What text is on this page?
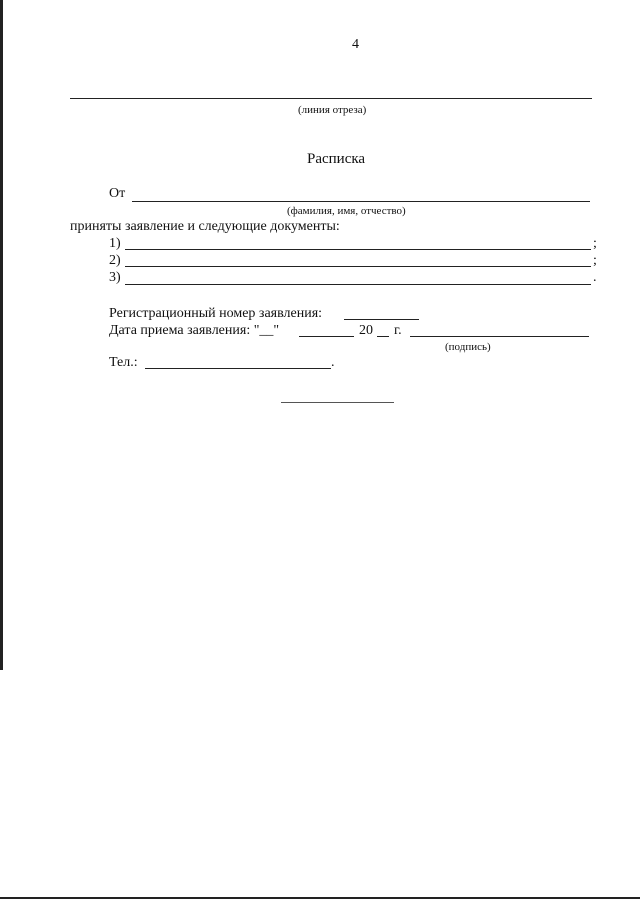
4
(линия отреза)
Расписка
От
(фамилия, имя, отчество)
приняты заявление и следующие документы:
1)	;
2)	;
3)	.
Регистрационный номер заявления:
Дата приема заявления: "__"	20 г.
(подпись)
Тел.:	.
